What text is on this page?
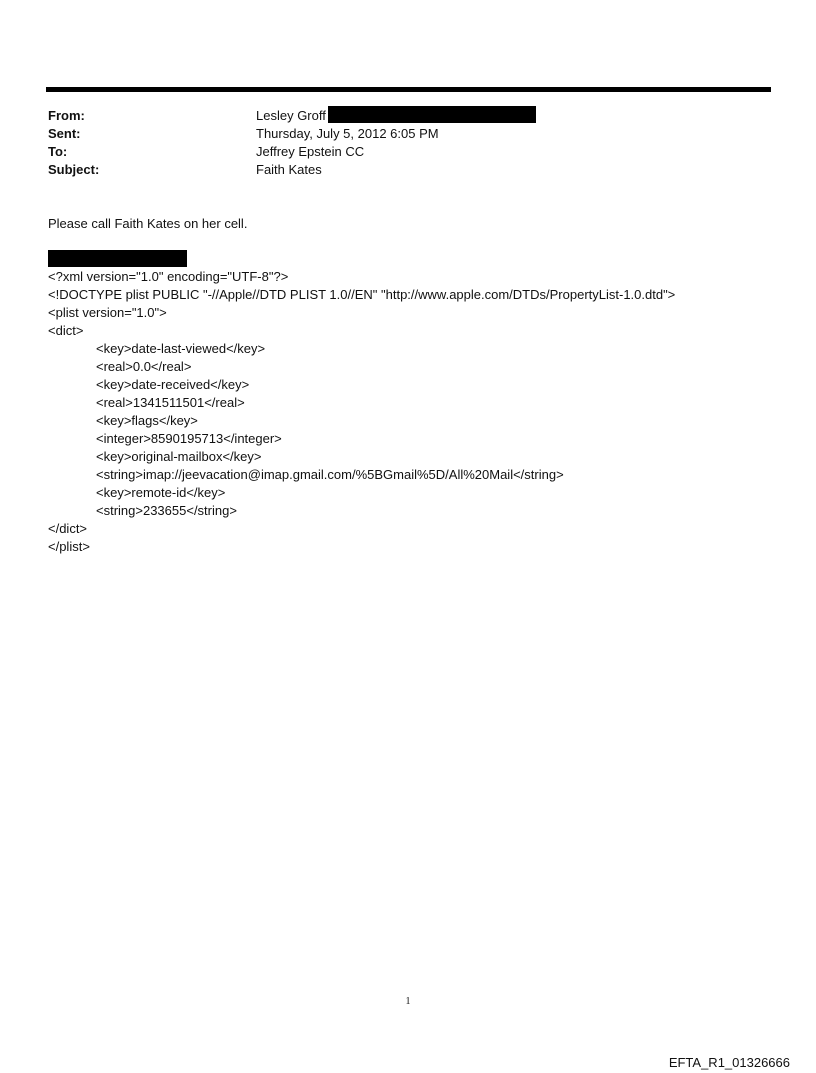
From:	Lesley Groff
Sent:	Thursday, July 5, 2012 6:05 PM
To:	Jeffrey Epstein CC
Subject:	Faith Kates

Please call Faith Kates on her cell.

<?xml version="1.0" encoding="UTF-8"?>
<!DOCTYPE plist PUBLIC "-//Apple//DTD PLIST 1.0//EN" "http://www.apple.com/DTDs/PropertyList-1.0.dtd">
<plist version="1.0">
<dict>
<key>date-last-viewed</key>
<real>0.0</real>
<key>date-received</key>
<real>1341511501</real>
<key>flags</key>
<integer>8590195713</integer>
<key>original-mailbox</key>
<string>imap://jeevacation@imap.gmail.com/%5BGmail%5D/All%20Mail</string>
<key>remote-id</key>
<string>233655</string>
</dict>
</plist>
1
EFTA_R1_01326666
